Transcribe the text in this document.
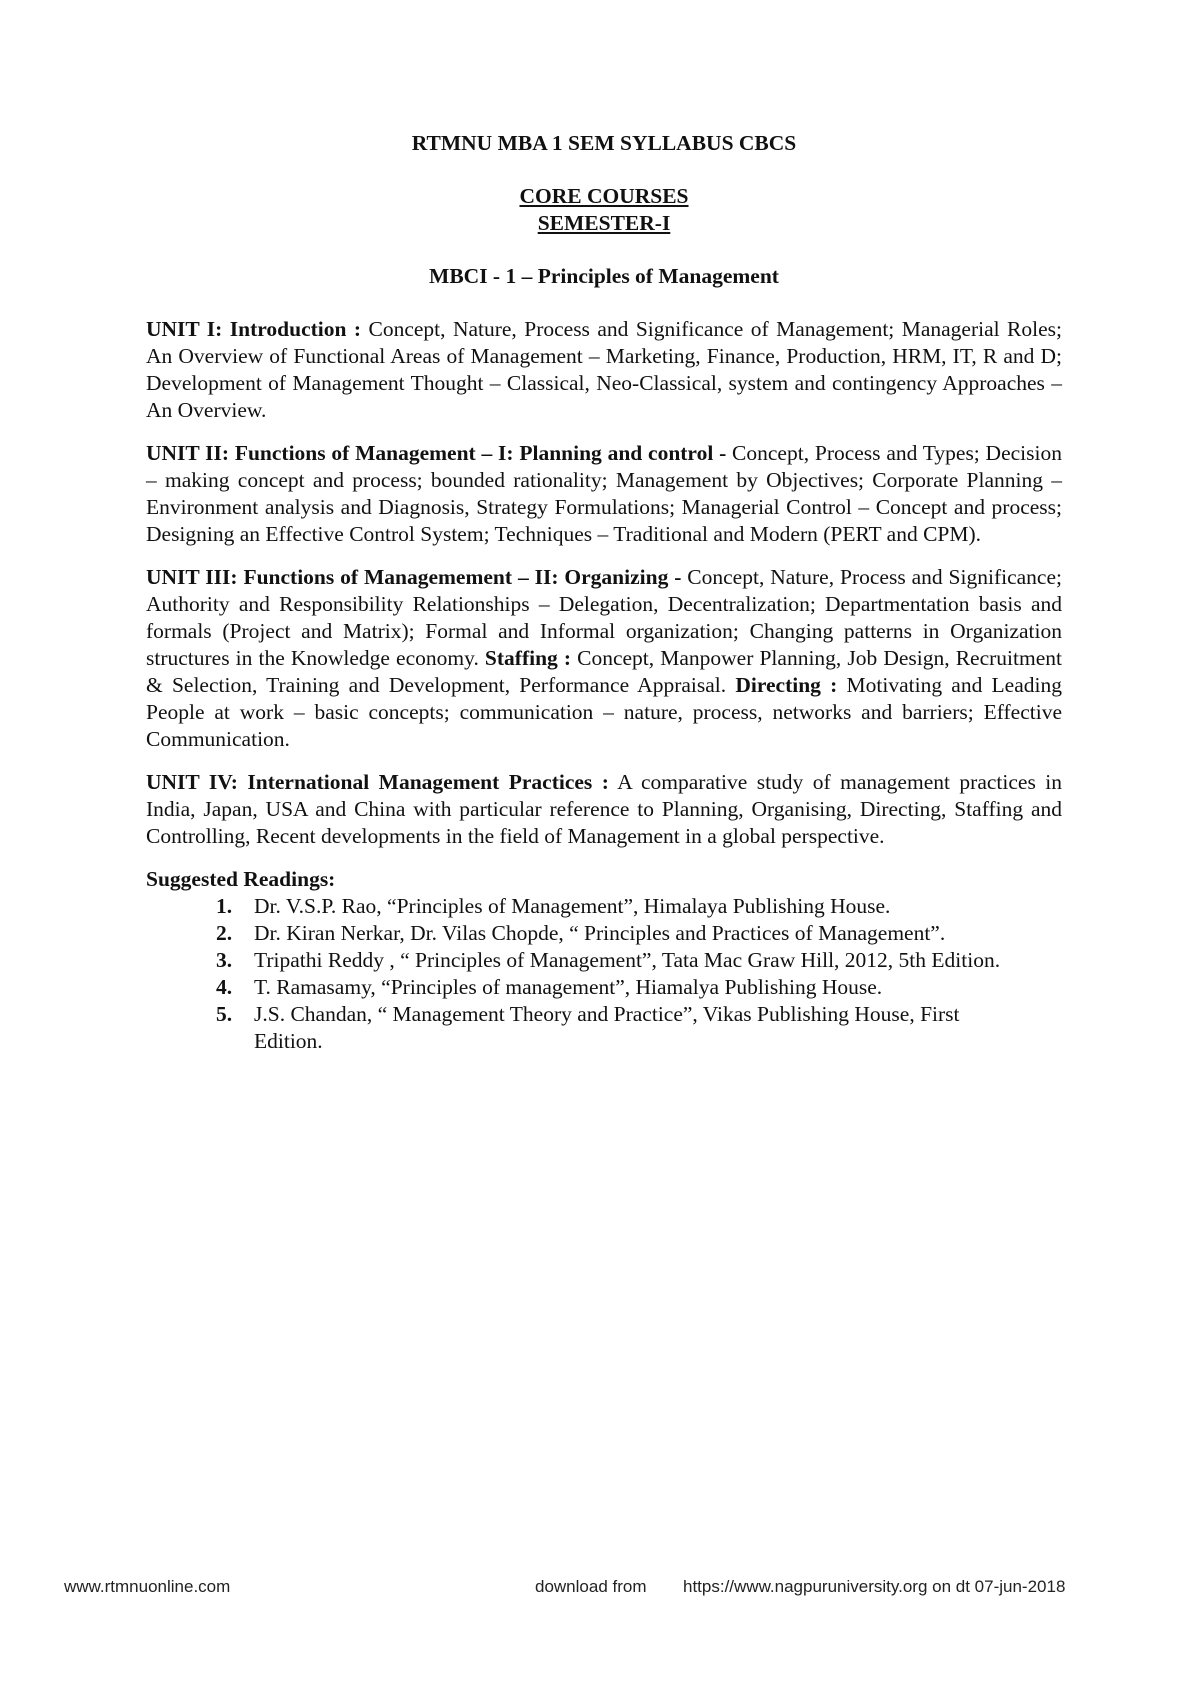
RTMNU MBA 1 SEM SYLLABUS CBCS
CORE COURSES
SEMESTER-I
MBCI - 1 – Principles of Management

UNIT I: Introduction : Concept, Nature, Process and Significance of Management; Managerial Roles; An Overview of Functional Areas of Management – Marketing, Finance, Production, HRM, IT, R and D; Development of Management Thought – Classical, Neo-Classical, system and contingency Approaches – An Overview.

UNIT II: Functions of Management – I: Planning and control - Concept, Process and Types; Decision – making concept and process; bounded rationality; Management by Objectives; Corporate Planning – Environment analysis and Diagnosis, Strategy Formulations; Managerial Control – Concept and process; Designing an Effective Control System; Techniques – Traditional and Modern (PERT and CPM).

UNIT III: Functions of Managemement – II: Organizing - Concept, Nature, Process and Significance; Authority and Responsibility Relationships – Delegation, Decentralization; Departmentation basis and formals (Project and Matrix); Formal and Informal organization; Changing patterns in Organization structures in the Knowledge economy. Staffing : Concept, Manpower Planning, Job Design, Recruitment & Selection, Training and Development, Performance Appraisal. Directing : Motivating and Leading People at work – basic concepts; communication – nature, process, networks and barriers; Effective Communication.

UNIT IV: International Management Practices : A comparative study of management practices in India, Japan, USA and China with particular reference to Planning, Organising, Directing, Staffing and Controlling, Recent developments in the field of Management in a global perspective.

Suggested Readings:
1. Dr. V.S.P. Rao, “Principles of Management”, Himalaya Publishing House.
2. Dr. Kiran Nerkar, Dr. Vilas Chopde, “ Principles and Practices of Management”.
3. Tripathi Reddy , “ Principles of Management”, Tata Mac Graw Hill, 2012, 5th Edition.
4. T. Ramasamy, “Principles of management”, Hiamalya Publishing House.
5. J.S. Chandan, “ Management Theory and Practice”, Vikas Publishing House, First
Edition.
www.rtmnuonline.com	download from https://www.nagpuruniversity.org on dt 07-jun-2018
